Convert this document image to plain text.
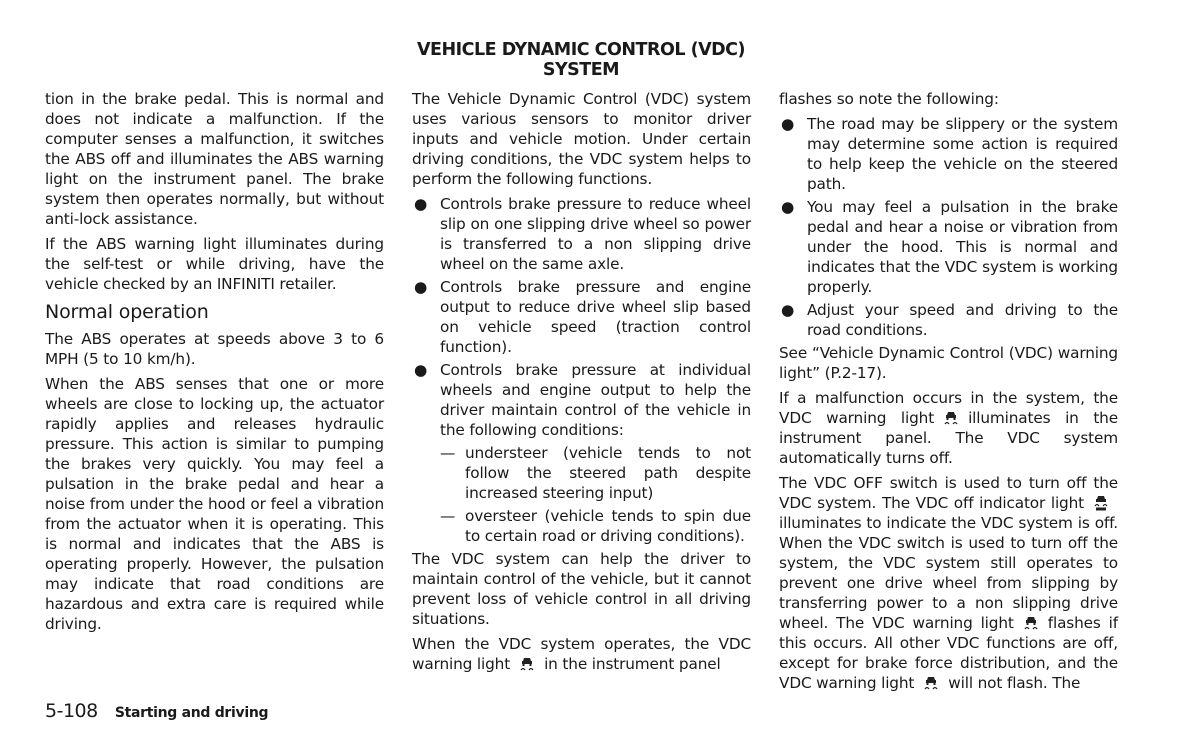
VEHICLE DYNAMIC CONTROL (VDC) SYSTEM

tion in the brake pedal. This is normal and does not indicate a malfunction. If the computer senses a malfunction, it switches the ABS off and illuminates the ABS warning light on the instrument panel. The brake system then operates normally, but without anti-lock assistance.

If the ABS warning light illuminates during the self-test or while driving, have the vehicle checked by an INFINITI retailer.

Normal operation

The ABS operates at speeds above 3 to 6 MPH (5 to 10 km/h).

When the ABS senses that one or more wheels are close to locking up, the actuator rapidly applies and releases hydraulic pressure. This action is similar to pumping the brakes very quickly. You may feel a pulsation in the brake pedal and hear a noise from under the hood or feel a vibration from the actuator when it is operating. This is normal and indicates that the ABS is operating properly. However, the pulsation may indicate that road conditions are hazardous and extra care is required while driving.

The Vehicle Dynamic Control (VDC) system uses various sensors to monitor driver inputs and vehicle motion. Under certain driving conditions, the VDC system helps to perform the following functions.

● Controls brake pressure to reduce wheel slip on one slipping drive wheel so power is transferred to a non slipping drive wheel on the same axle.
● Controls brake pressure and engine output to reduce drive wheel slip based on vehicle speed (traction control function).
● Controls brake pressure at individual wheels and engine output to help the driver maintain control of the vehicle in the following conditions:
— understeer (vehicle tends to not follow the steered path despite increased steering input)
— oversteer (vehicle tends to spin due to certain road or driving conditions).

The VDC system can help the driver to maintain control of the vehicle, but it cannot prevent loss of vehicle control in all driving situations.

When the VDC system operates, the VDC warning light in the instrument panel

flashes so note the following:

● The road may be slippery or the system may determine some action is required to help keep the vehicle on the steered path.
● You may feel a pulsation in the brake pedal and hear a noise or vibration from under the hood. This is normal and indicates that the VDC system is working properly.
● Adjust your speed and driving to the road conditions.

See “Vehicle Dynamic Control (VDC) warning light” (P.2-17).

If a malfunction occurs in the system, the VDC warning light illuminates in the instrument panel. The VDC system automatically turns off.

The VDC OFF switch is used to turn off the VDC system. The VDC off indicator light
illuminates to indicate the VDC system is off. When the VDC switch is used to turn off the system, the VDC system still operates to prevent one drive wheel from slipping by transferring power to a non slipping drive wheel. The VDC warning light flashes if this occurs. All other VDC functions are off, except for brake force distribution, and the VDC warning light will not flash. The

5-108 Starting and driving
